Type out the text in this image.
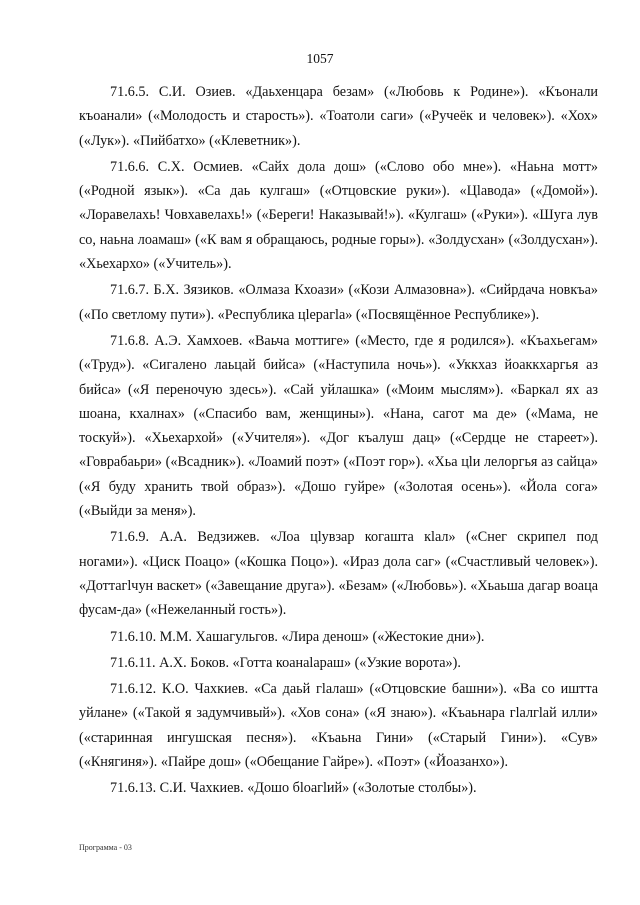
1057

71.6.5. С.И. Озиев. «Даьхенцара безам» («Любовь к Родине»). «Къонали къоанали» («Молодость и старость»). «Тоатоли саги» («Ручеёк и человек»). «Хох» («Лук»). «Пийбатхо» («Клеветник»).

71.6.6. С.Х. Осмиев. «Сайх дола дош» («Слово обо мне»). «Наьна мотт» («Родной язык»). «Са даь кулгаш» («Отцовские руки»). «Цlавода» («Домой»). «Лоравелахь! Човхавелахь!» («Береги! Наказывай!»). «Кулгаш» («Руки»). «Шуга лув со, наьна лоамаш» («К вам я обращаюсь, родные горы»). «Золдусхан» («Золдусхан»). «Хьехархо» («Учитель»).

71.6.7. Б.Х. Зязиков. «Олмаза Кхоази» («Кози Алмазовна»). «Сийрдача новкъа» («По светлому пути»). «Республика цlерагlа» («Посвящённое Республике»).

71.6.8. А.Э. Хамхоев. «Ваьча моттиге» («Место, где я родился»). «Къахьегам» («Труд»). «Сигалено лаьцай бийса» («Наступила ночь»). «Уккхаз йоаккхаргья аз бийса» («Я переночую здесь»). «Сай уйлашка» («Моим мыслям»). «Баркал ях аз шоана, кхалнах» («Спасибо вам, женщины»). «Нана, сагот ма де» («Мама, не тоскуй»). «Хьехархой» («Учителя»). «Дог къалуш дац» («Сердце не стареет»). «Говрабаьри» («Всадник»). «Лоамий поэт» («Поэт гор»). «Хьа цlи лелоргья аз сайца» («Я буду хранить твой образ»). «Дошо гуйре» («Золотая осень»). «Йола сога» («Выйди за меня»).

71.6.9. А.А. Ведзижев. «Лоа цlувзар когашта кlал» («Снег скрипел под ногами»). «Циск Поацо» («Кошка Поцо»). «Ираз дола саг» («Счастливый человек»). «Доттагlчун васкет» («Завещание друга»). «Безам» («Любовь»). «Хьаьша дагар воаца фусам-да» («Нежеланный гость»).

71.6.10. М.М. Хашагульгов. «Лира денош» («Жестокие дни»).

71.6.11. А.Х. Боков. «Готта коанаlараш» («Узкие ворота»).

71.6.12. К.О. Чахкиев. «Са даьй гlалаш» («Отцовские башни»). «Ва со иштта уйлане» («Такой я задумчивый»). «Хов сона» («Я знаю»). «Къаьнара гlалгlай илли» («старинная ингушская песня»). «Къаьна Гини» («Старый Гини»). «Сув» («Княгиня»). «Пайре дош» («Обещание Гайре»). «Поэт» («Йоазанхо»).

71.6.13. С.И. Чахкиев. «Дошо бlоагlий» («Золотые столбы»).

Программа - 03
